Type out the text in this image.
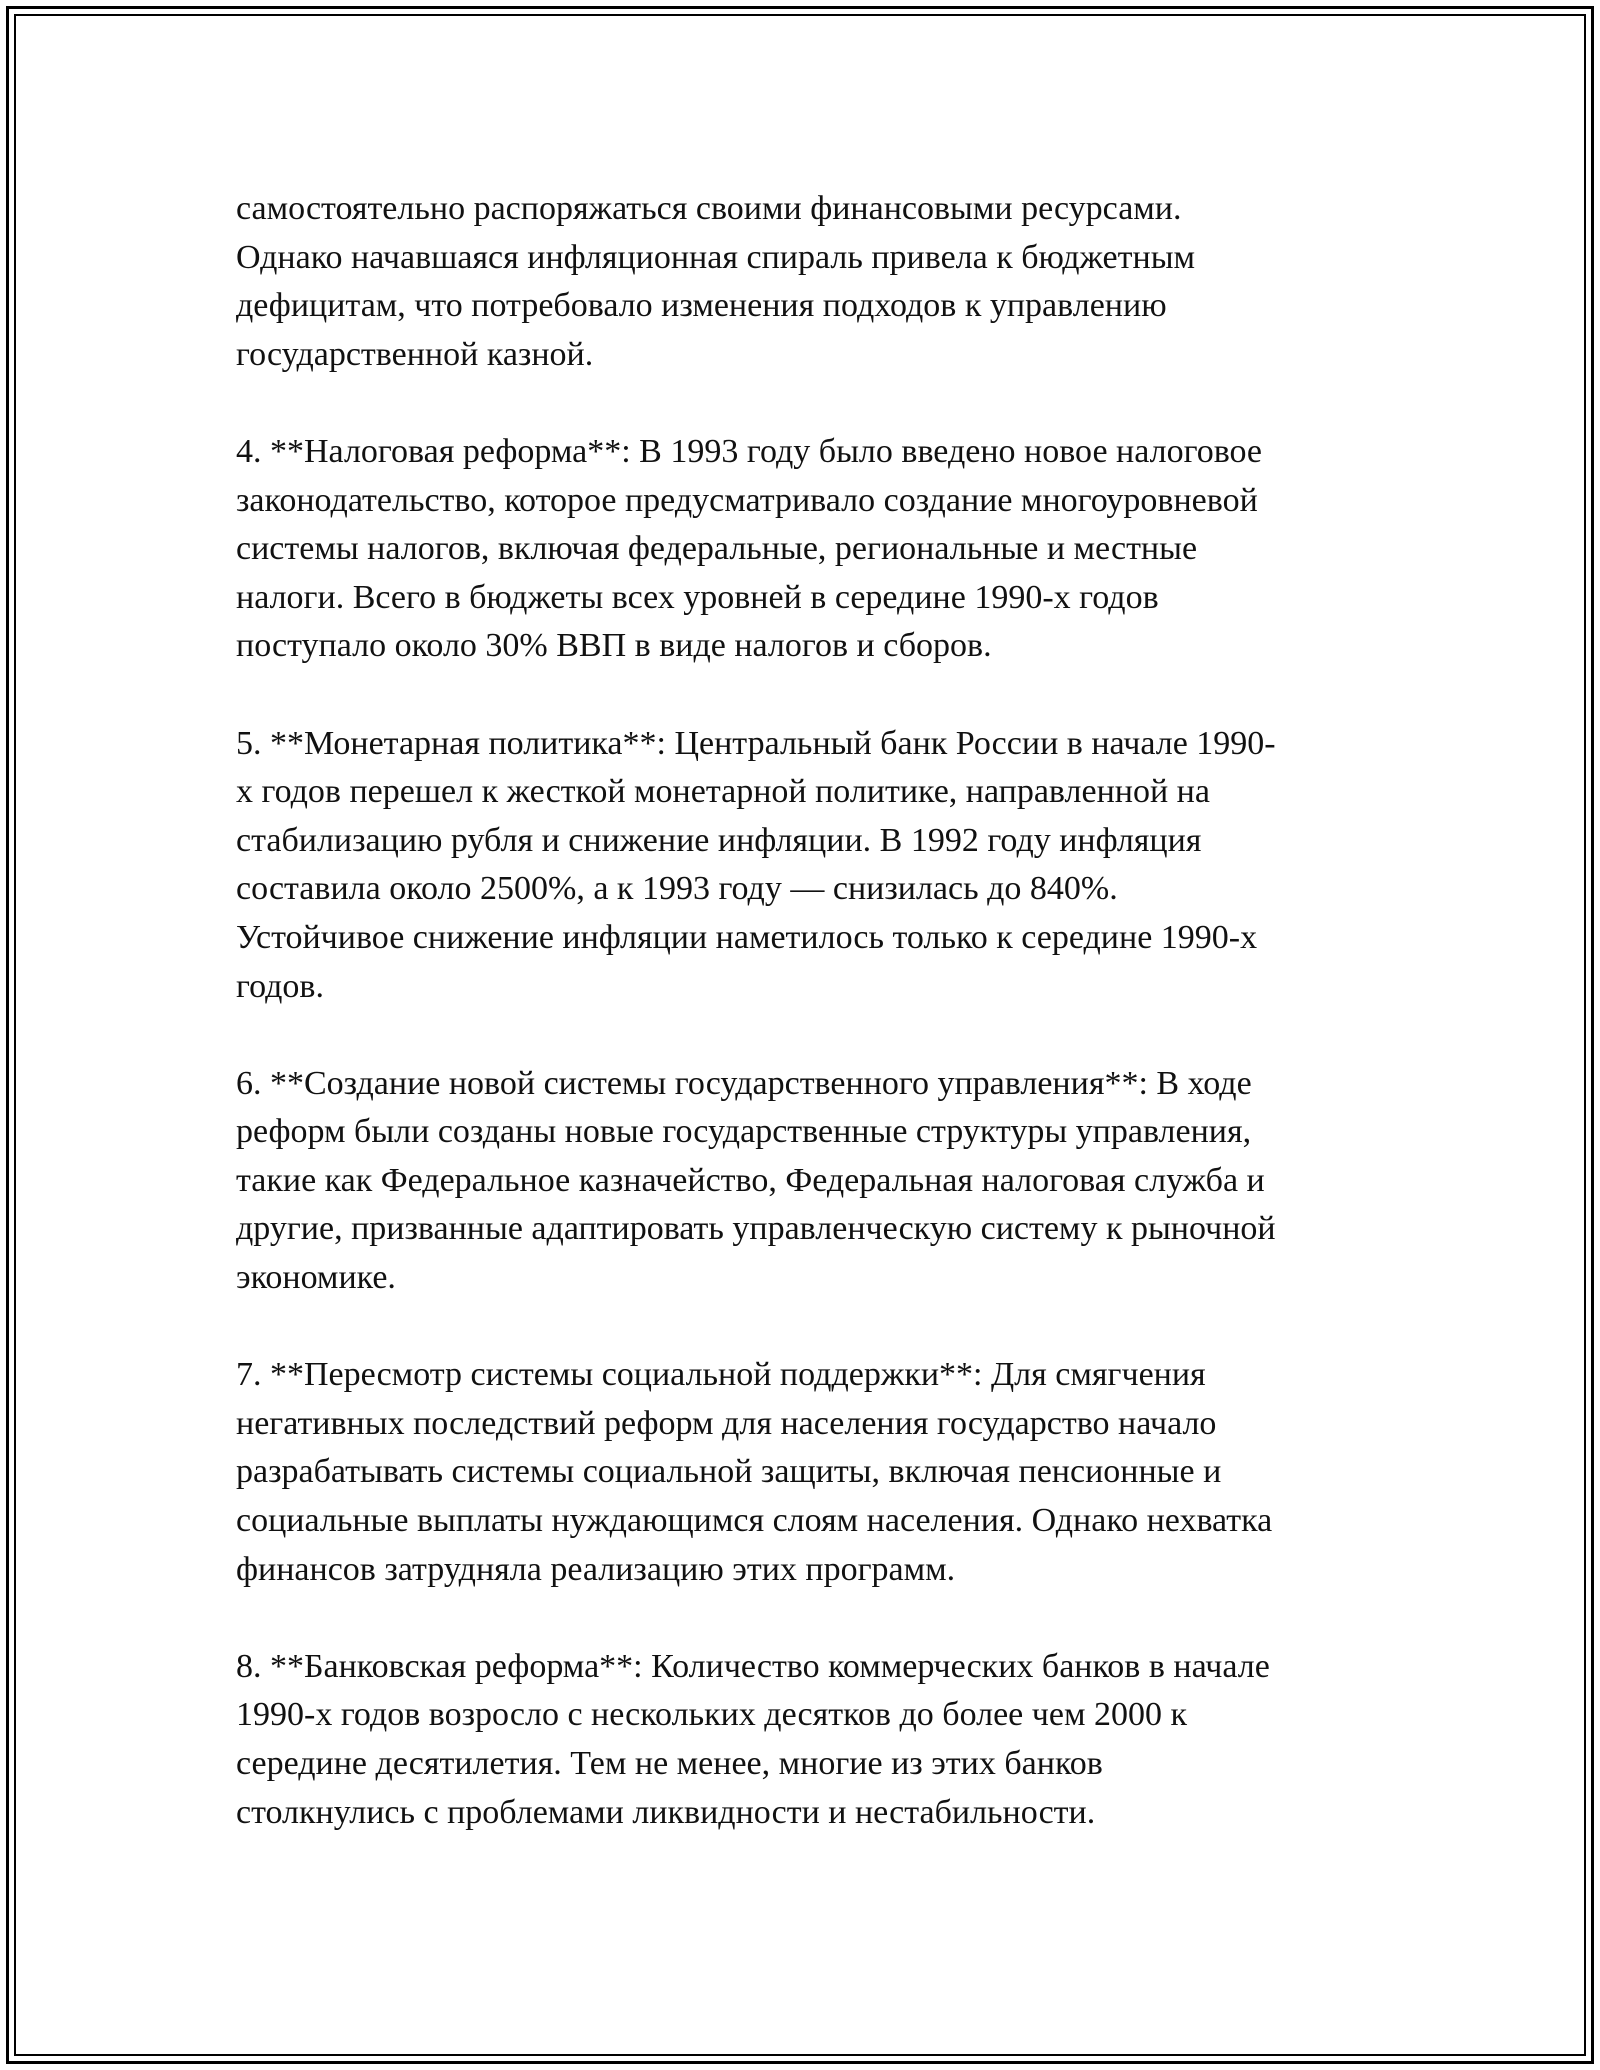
самостоятельно распоряжаться своими финансовыми ресурсами.
Однако начавшаяся инфляционная спираль привела к бюджетным
дефицитам, что потребовало изменения подходов к управлению
государственной казной.

4. **Налоговая реформа**: В 1993 году было введено новое налоговое
законодательство, которое предусматривало создание многоуровневой
системы налогов, включая федеральные, региональные и местные
налоги. Всего в бюджеты всех уровней в середине 1990-х годов
поступало около 30% ВВП в виде налогов и сборов.

5. **Монетарная политика**: Центральный банк России в начале 1990-
х годов перешел к жесткой монетарной политике, направленной на
стабилизацию рубля и снижение инфляции. В 1992 году инфляция
составила около 2500%, а к 1993 году — снизилась до 840%.
Устойчивое снижение инфляции наметилось только к середине 1990-х
годов.

6. **Создание новой системы государственного управления**: В ходе
реформ были созданы новые государственные структуры управления,
такие как Федеральное казначейство, Федеральная налоговая служба и
другие, призванные адаптировать управленческую систему к рыночной
экономике.

7. **Пересмотр системы социальной поддержки**: Для смягчения
негативных последствий реформ для населения государство начало
разрабатывать системы социальной защиты, включая пенсионные и
социальные выплаты нуждающимся слоям населения. Однако нехватка
финансов затрудняла реализацию этих программ.

8. **Банковская реформа**: Количество коммерческих банков в начале
1990-х годов возросло с нескольких десятков до более чем 2000 к
середине десятилетия. Тем не менее, многие из этих банков
столкнулись с проблемами ликвидности и нестабильности.
